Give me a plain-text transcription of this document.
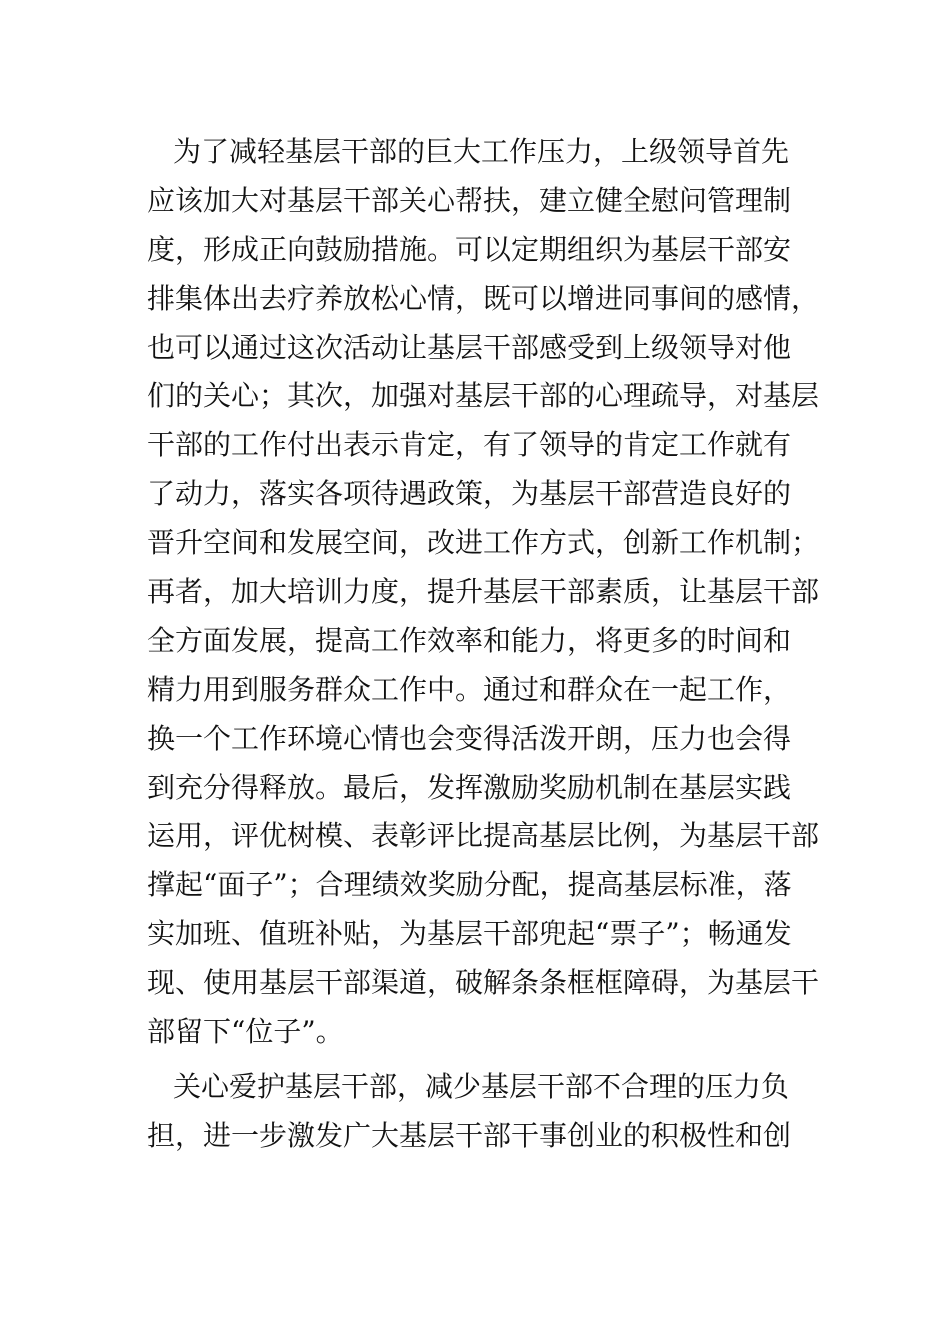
为了减轻基层干部的巨大工作压力，上级领导首先
应该加大对基层干部关心帮扶，建立健全慰问管理制
度，形成正向鼓励措施。可以定期组织为基层干部安
排集体出去疗养放松心情，既可以增进同事间的感情，
也可以通过这次活动让基层干部感受到上级领导对他
们的关心；其次，加强对基层干部的心理疏导，对基层
干部的工作付出表示肯定，有了领导的肯定工作就有
了动力，落实各项待遇政策，为基层干部营造良好的
晋升空间和发展空间，改进工作方式，创新工作机制；
再者，加大培训力度，提升基层干部素质，让基层干部
全方面发展，提高工作效率和能力，将更多的时间和
精力用到服务群众工作中。通过和群众在一起工作，
换一个工作环境心情也会变得活泼开朗，压力也会得
到充分得释放。最后，发挥激励奖励机制在基层实践
运用，评优树模、表彰评比提高基层比例，为基层干部
撑起“面子”；合理绩效奖励分配，提高基层标准，落
实加班、值班补贴，为基层干部兜起“票子”；畅通发
现、使用基层干部渠道，破解条条框框障碍，为基层干
部留下“位子”。
关心爱护基层干部，减少基层干部不合理的压力负
担，进一步激发广大基层干部干事创业的积极性和创
